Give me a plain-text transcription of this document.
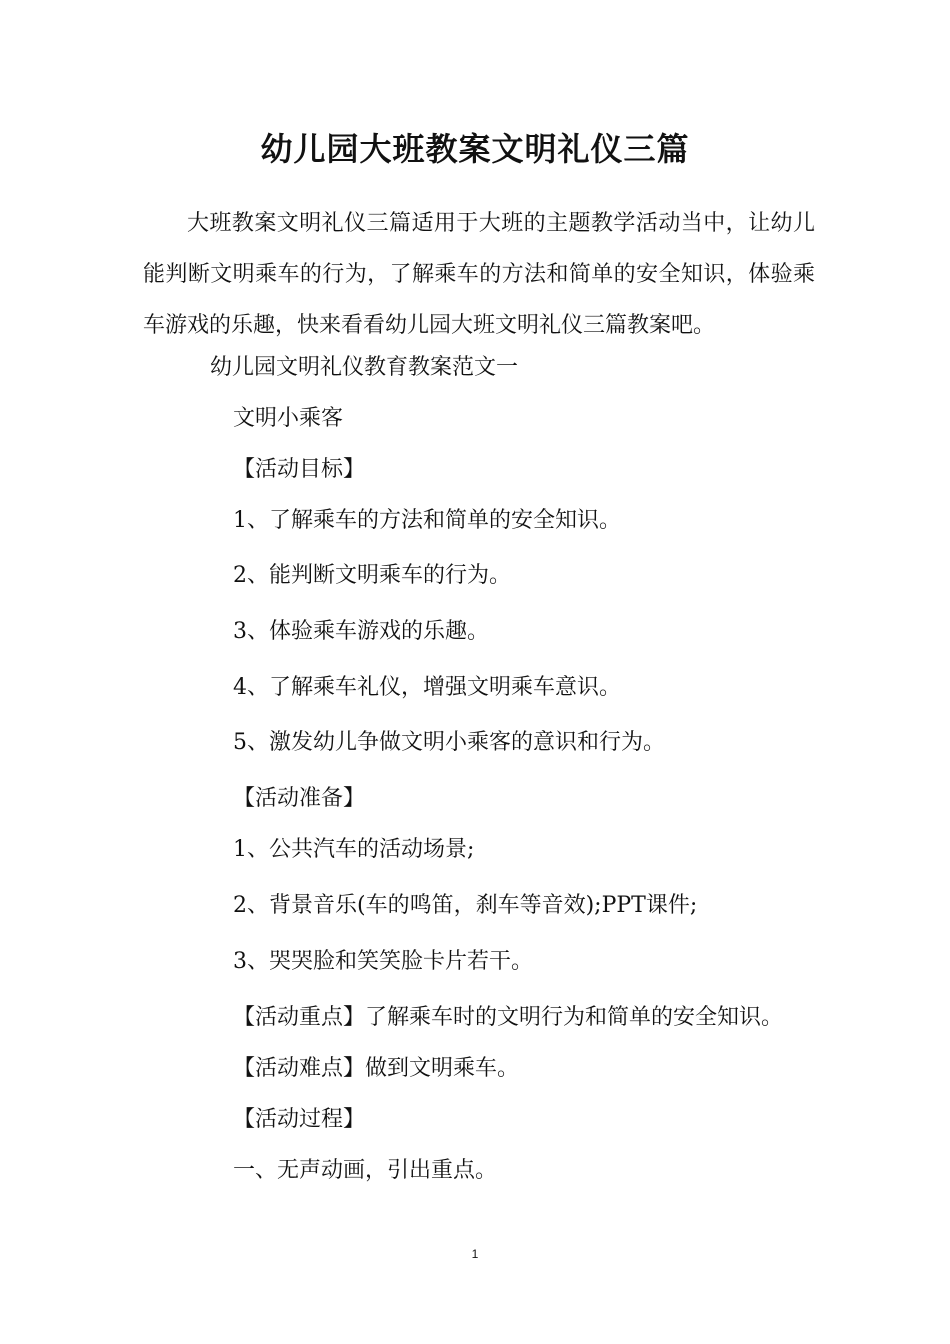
幼儿园大班教案文明礼仪三篇

大班教案文明礼仪三篇适用于大班的主题教学活动当中，让幼儿能判断文明乘车的行为，了解乘车的方法和简单的安全知识，体验乘车游戏的乐趣，快来看看幼儿园大班文明礼仪三篇教案吧。

幼儿园文明礼仪教育教案范文一

文明小乘客

【活动目标】

1、了解乘车的方法和简单的安全知识。

2、能判断文明乘车的行为。

3、体验乘车游戏的乐趣。

4、了解乘车礼仪，增强文明乘车意识。

5、激发幼儿争做文明小乘客的意识和行为。

【活动准备】

1、公共汽车的活动场景;

2、背景音乐(车的鸣笛，刹车等音效);PPT课件;

3、哭哭脸和笑笑脸卡片若干。

【活动重点】了解乘车时的文明行为和简单的安全知识。

【活动难点】做到文明乘车。

【活动过程】

一、无声动画，引出重点。

1
